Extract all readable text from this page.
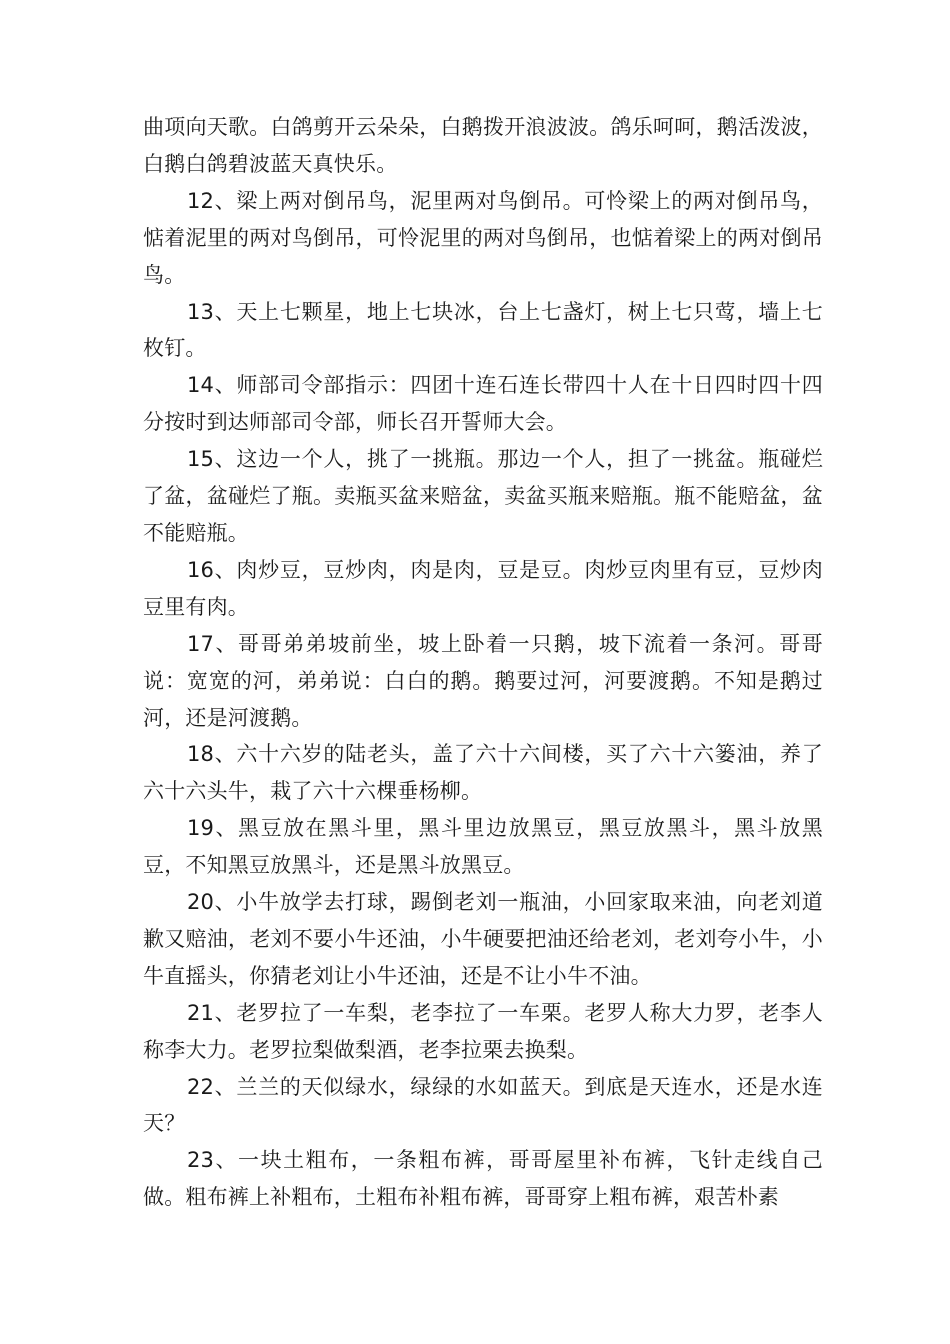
曲项向天歌。白鸽剪开云朵朵，白鹅拨开浪波波。鸽乐呵呵，鹅活泼波，白鹅白鸽碧波蓝天真快乐。

12、梁上两对倒吊鸟，泥里两对鸟倒吊。可怜梁上的两对倒吊鸟，惦着泥里的两对鸟倒吊，可怜泥里的两对鸟倒吊，也惦着梁上的两对倒吊鸟。

13、天上七颗星，地上七块冰，台上七盏灯，树上七只莺，墙上七枚钉。

14、师部司令部指示：四团十连石连长带四十人在十日四时四十四分按时到达师部司令部，师长召开誓师大会。

15、这边一个人，挑了一挑瓶。那边一个人，担了一挑盆。瓶碰烂了盆，盆碰烂了瓶。卖瓶买盆来赔盆，卖盆买瓶来赔瓶。瓶不能赔盆，盆不能赔瓶。

16、肉炒豆，豆炒肉，肉是肉，豆是豆。肉炒豆肉里有豆，豆炒肉豆里有肉。

17、哥哥弟弟坡前坐，坡上卧着一只鹅，坡下流着一条河。哥哥说：宽宽的河，弟弟说：白白的鹅。鹅要过河，河要渡鹅。不知是鹅过河，还是河渡鹅。

18、六十六岁的陆老头，盖了六十六间楼，买了六十六篓油，养了六十六头牛，栽了六十六棵垂杨柳。

19、黑豆放在黑斗里，黑斗里边放黑豆，黑豆放黑斗，黑斗放黑豆，不知黑豆放黑斗，还是黑斗放黑豆。

20、小牛放学去打球，踢倒老刘一瓶油，小回家取来油，向老刘道歉又赔油，老刘不要小牛还油，小牛硬要把油还给老刘，老刘夸小牛，小牛直摇头，你猜老刘让小牛还油，还是不让小牛不油。

21、老罗拉了一车梨，老李拉了一车栗。老罗人称大力罗，老李人称李大力。老罗拉梨做梨酒，老李拉栗去换梨。

22、兰兰的天似绿水，绿绿的水如蓝天。到底是天连水，还是水连天？

23、一块土粗布，一条粗布裤，哥哥屋里补布裤，飞针走线自己做。粗布裤上补粗布，土粗布补粗布裤，哥哥穿上粗布裤，艰苦朴素
